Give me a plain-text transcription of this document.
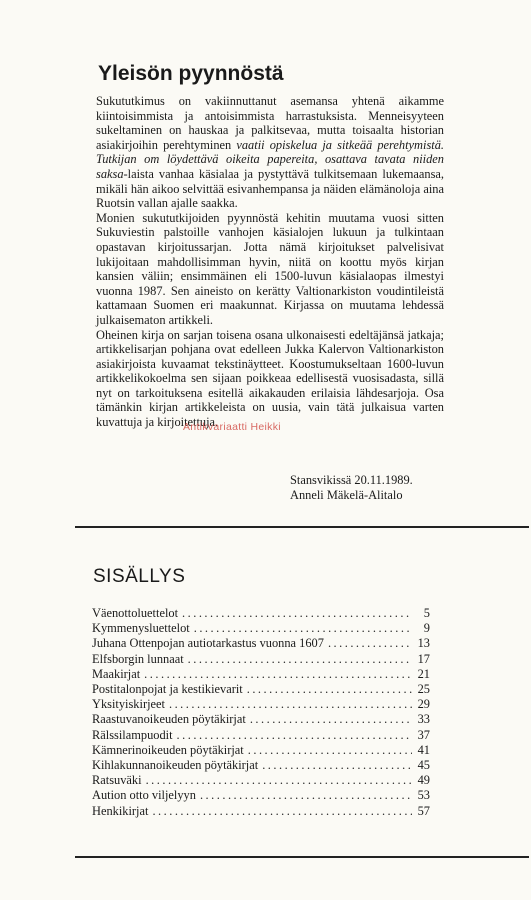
Yleisön pyynnöstä

Sukututkimus on vakiinnuttanut asemansa yhtenä aikamme kiintoisimmista ja antoisimmista harrastuksista. Menneisyyteen sukeltaminen on hauskaa ja palkitsevaa, mutta toisaalta historian asiakirjoihin perehtyminen vaatii opiskelua ja sitkeää perehtymistä. Tutkijan om löydettävä oikeita papereita, osattava tavata niiden saksa-laista vanhaa käsialaa ja pystyttävä tulkitsemaan lukemaansa, mikäli hän aikoo selvittää esivanhempansa ja näiden elämänoloja aina Ruotsin vallan ajalle saakka.

Monien sukututkijoiden pyynnöstä kehitin muutama vuosi sitten Sukuviestin palstoille vanhojen käsialojen lukuun ja tulkintaan opastavan kirjoitussarjan. Jotta nämä kirjoitukset palvelisivat lukijoitaan mahdollisimman hyvin, niitä on koottu myös kirjan kansien väliin; ensimmäinen eli 1500-luvun käsialaopas ilmestyi vuonna 1987. Sen aineisto on kerätty Valtionarkiston voudintileistä kattamaan Suomen eri maakunnat. Kirjassa on muutama lehdessä julkaisematon artikkeli.

Oheinen kirja on sarjan toisena osana ulkonaisesti edeltäjänsä jatkaja; artikkelisarjan pohjana ovat edelleen Jukka Kalervon Valtionarkiston asiakirjoista kuvaamat tekstinäytteet. Koostumukseltaan 1600-luvun artikkelikokoelma sen sijaan poikkeaa edellisestä vuosisadasta, sillä nyt on tarkoituksena esitellä aikakauden erilaisia lähdesarjoja. Osa tämänkin kirjan artikkeleista on uusia, vain tätä julkaisua varten kuvattuja ja kirjoitettuja.

Antikvariaatti Heikki
Stansvikissä 20.11.1989.
Anneli Mäkelä-Alitalo
SISÄLLYS
Väenottoluettelot .....	5
Kymmenysluettelot .....	9
Juhana Ottenpojan autiotarkastus vuonna 1607 .....	13
Elfsborgin lunnaat .....	17
Maakirjat .....	21
Postitalonpojat ja kestikievarit .....	25
Yksityiskirjeet .....	29
Raastuvanoikeuden pöytäkirjat .....	33
Rälssilampuodit .....	37
Kämnerinoikeuden pöytäkirjat .....	41
Kihlakunnanoikeuden pöytäkirjat .....	45
Ratsuväki .....	49
Aution otto viljelyyn .....	53
Henkikirjat .....	57
